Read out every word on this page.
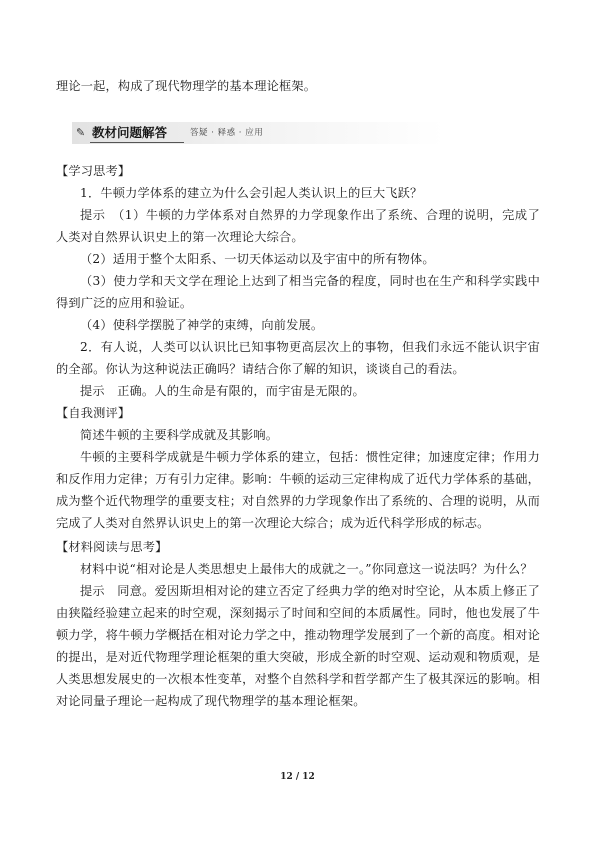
理论一起，构成了现代物理学的基本理论框架。
✎ 教材问题解答	答疑 · 释惑 · 应用
【学习思考】
1．牛顿力学体系的建立为什么会引起人类认识上的巨大飞跃？
提示　（1）牛顿的力学体系对自然界的力学现象作出了系统、合理的说明，完成了人类对自然界认识史上的第一次理论大综合。
（2）适用于整个太阳系、一切天体运动以及宇宙中的所有物体。
（3）使力学和天文学在理论上达到了相当完备的程度，同时也在生产和科学实践中得到广泛的应用和验证。
（4）使科学摆脱了神学的束缚，向前发展。
2．有人说，人类可以认识比已知事物更高层次上的事物，但我们永远不能认识宇宙的全部。你认为这种说法正确吗？请结合你了解的知识，谈谈自己的看法。
提示　正确。人的生命是有限的，而宇宙是无限的。
【自我测评】
简述牛顿的主要科学成就及其影响。
牛顿的主要科学成就是牛顿力学体系的建立，包括：惯性定律；加速度定律；作用力和反作用力定律；万有引力定律。影响：牛顿的运动三定律构成了近代力学体系的基础，成为整个近代物理学的重要支柱；对自然界的力学现象作出了系统的、合理的说明，从而完成了人类对自然界认识史上的第一次理论大综合；成为近代科学形成的标志。
【材料阅读与思考】
材料中说“相对论是人类思想史上最伟大的成就之一。”你同意这一说法吗？为什么？
提示　同意。爱因斯坦相对论的建立否定了经典力学的绝对时空论，从本质上修正了由狭隘经验建立起来的时空观，深刻揭示了时间和空间的本质属性。同时，他也发展了牛顿力学，将牛顿力学概括在相对论力学之中，推动物理学发展到了一个新的高度。相对论的提出，是对近代物理学理论框架的重大突破，形成全新的时空观、运动观和物质观，是人类思想发展史的一次根本性变革，对整个自然科学和哲学都产生了极其深远的影响。相对论同量子理论一起构成了现代物理学的基本理论框架。
12 / 12
